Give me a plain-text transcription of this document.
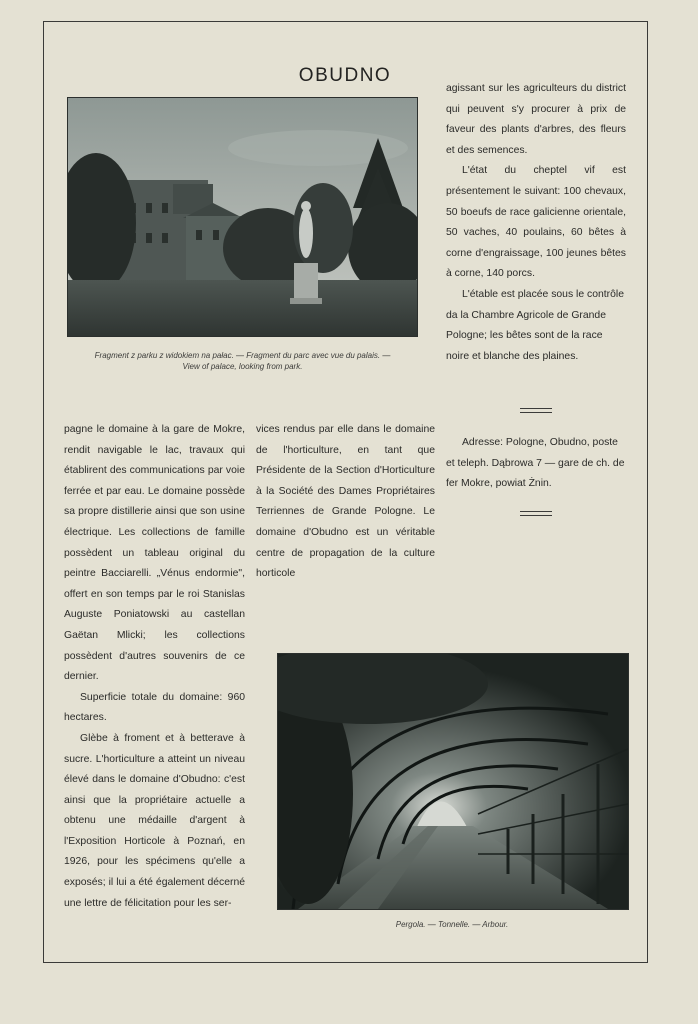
OBUDNO
Fragment z parku z widokiem na pałac. — Fragment du parc avec vue du palais. —
View of palace, looking from park.

agissant sur les agriculteurs du district qui peuvent s'y procurer à prix de faveur des plants d'arbres, des fleurs et des semences.

L'état du cheptel vif est présentement le suivant: 100 chevaux, 50 boeufs de race galicienne orientale, 50 vaches, 40 poulains, 60 bêtes à corne d'engraissage, 100 jeunes bêtes à corne, 140 porcs.

L'étable est placée sous le contrôle da la Chambre Agricole de Grande Pologne; les bêtes sont de la race noire et blanche des plaines.

Adresse: Pologne, Obudno, poste et teleph. Dąbrowa 7 — gare de ch. de fer Mokre, powiat Żnin.

pagne le domaine à la gare de Mokre, rendit navigable le lac, travaux qui établirent des communications par voie ferrée et par eau. Le domaine possède sa propre distillerie ainsi que son usine électrique. Les collections de famille possèdent un tableau original du peintre Bacciarelli. „Vénus endormie", offert en son temps par le roi Stanislas Auguste Poniatowski au castellan Gaëtan Mlicki; les collections possèdent d'autres souvenirs de ce dernier.

Superficie totale du domaine: 960 hectares.

Glèbe à froment et à betterave à sucre. L'horticulture a atteint un niveau élevé dans le domaine d'Obudno: c'est ainsi que la propriétaire actuelle a obtenu une médaille d'argent à l'Exposition Horticole à Poznań, en 1926, pour les spécimens qu'elle a exposés; il lui a été également décerné une lettre de félicitation pour les ser-

vices rendus par elle dans le domaine de l'horticulture, en tant que Présidente de la Section d'Horticulture à la Société des Dames Propriétaires Terriennes de Grande Pologne. Le domaine d'Obudno est un véritable centre de propagation de la culture horticole

Pergola. — Tonnelle. — Arbour.
